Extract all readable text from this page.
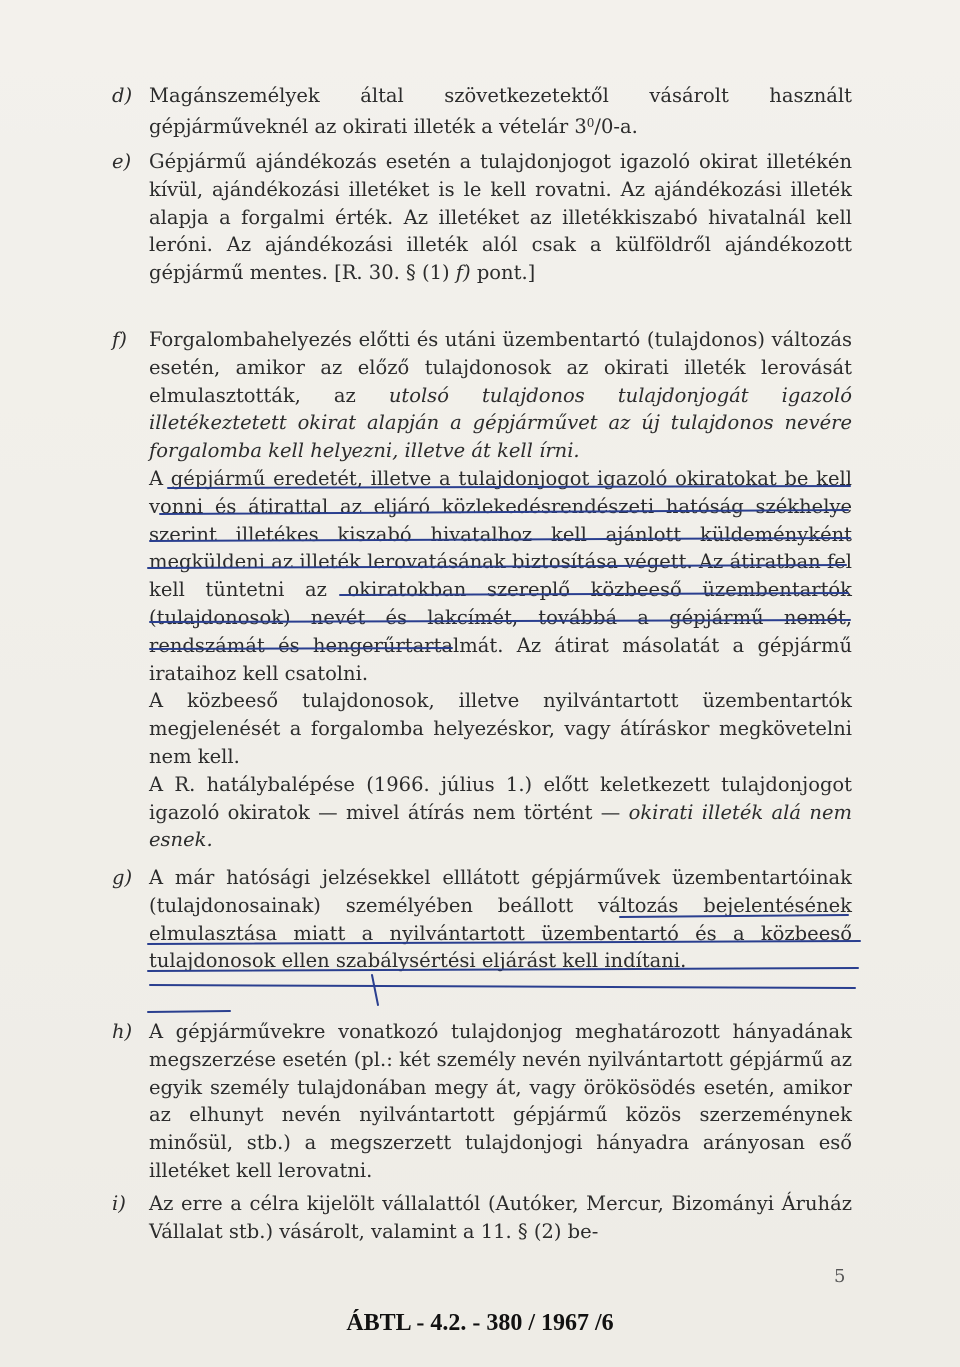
d) Magánszemélyek által szövetkezetektől vásárolt használt gépjárműveknél az okirati illeték a vételár $3^0/0-a$.
e) Gépjármű ajándékozás esetén a tulajdonjogot igazoló okirat illetékén kívül, ajándékozási illetéket is le kell rovatni. Az ajándékozási illeték alapja a forgalmi érték. Az illetéket az illetékkiszabó hivatalnál kell leróni. Az ajándékozási illeték alól csak a külföldről ajándékozott gépjármű mentes. [R. 30. § (1) f) pont.]
f)	Forgalombahelyezés előtti és utáni üzembentartó (tulajdonos) változás esetén, amikor az előző tulajdonosok az okirati illeték lerovását elmulasztották, az utolsó tulajdonos tulajdonjogát igazoló illetékeztetett okirat alapján a gépjárművet az új tulajdonos nevére forgalomba kell helyezni, illetve át kell írni.

A gépjármű eredetét, illetve a tulajdonjogot igazoló okiratokat be kell vonni és átirattal az eljáró közlekedésrendészeti hatóság székhelye szerint illetékes kiszabó hivatalhoz kell ajánlott küldeményként megküldeni az illeték lerovatásának biztosítása végett. Az átiratban fel kell tüntetni az okiratokban szereplő közbeeső üzembentartók (tulajdonosok) nevét és lakcímét, továbbá a gépjármű nemét, rendszámát és hengerűrtartalmát. Az átirat másolatát a gépjármű irataihoz kell csatolni.

A közbeeső tulajdonosok, illetve nyilvántartott üzembentartók megjelenését a forgalomba helyezéskor, vagy átíráskor megkövetelni nem kell.

A R. hatálybalépése (1966. július 1.) előtt keletkezett tulajdonjogot igazoló okiratok — mivel átírás nem történt — okirati illeték alá nem esnek.

g) A már hatósági jelzésekkel elllátott gépjárművek üzembentartóinak (tulajdonosainak) személyében beállott változás bejelentésének elmulasztása miatt a nyilvántartott üzembentartó és a közbeeső tulajdonosok ellen szabálysértési eljárást kell indítani.
h) A gépjárművekre vonatkozó tulajdonjog meghatározott hányadának megszerzése esetén (pl.: két személy nevén nyilvántartott gépjármű az egyik személy tulajdonában megy át, vagy örökösödés esetén, amikor az elhunyt nevén nyilvántartott gépjármű közös szerzeménynek minősül, stb.) a megszerzett tulajdonjogi hányadra arányosan eső illetéket kell lerovatni.
i)	Az erre a célra kijelölt vállalattól (Autóker, Mercur, Bizományi Áruház Vállalat stb.) vásárolt, valamint a 11. § (2) be-
5
ÁBTL - 4.2. - 380 / 1967 /6
